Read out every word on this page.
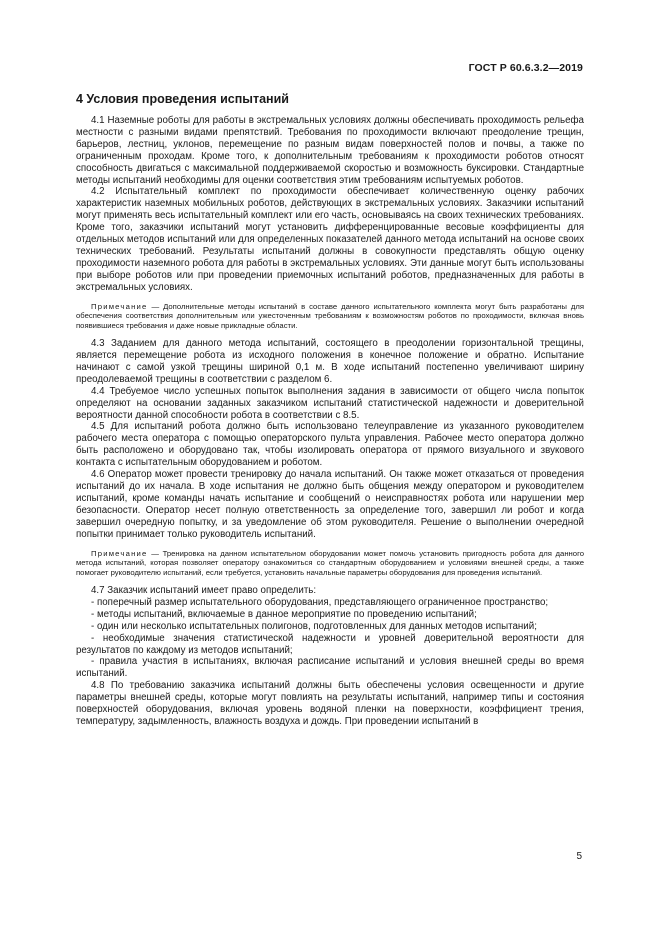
ГОСТ Р 60.6.3.2—2019
4 Условия проведения испытаний

4.1 Наземные роботы для работы в экстремальных условиях должны обеспечивать проходимость рельефа местности с разными видами препятствий. Требования по проходимости включают преодоление трещин, барьеров, лестниц, уклонов, перемещение по разным видам поверхностей полов и почвы, а также по ограниченным проходам. Кроме того, к дополнительным требованиям к проходимости роботов относят способность двигаться с максимальной поддерживаемой скоростью и возможность буксировки. Стандартные методы испытаний необходимы для оценки соответствия этим требованиям испытуемых роботов.

4.2 Испытательный комплект по проходимости обеспечивает количественную оценку рабочих характеристик наземных мобильных роботов, действующих в экстремальных условиях. Заказчики испытаний могут применять весь испытательный комплект или его часть, основываясь на своих технических требованиях. Кроме того, заказчики испытаний могут установить дифференцированные весовые коэффициенты для отдельных методов испытаний или для определенных показателей данного метода испытаний на основе своих технических требований. Результаты испытаний должны в совокупности представлять общую оценку проходимости наземного робота для работы в экстремальных условиях. Эти данные могут быть использованы при выборе роботов или при проведении приемочных испытаний роботов, предназначенных для работы в экстремальных условиях.

Примечание — Дополнительные методы испытаний в составе данного испытательного комплекта могут быть разработаны для обеспечения соответствия дополнительным или ужесточенным требованиям к возможностям роботов по проходимости, включая вновь появившиеся требования и даже новые прикладные области.

4.3 Заданием для данного метода испытаний, состоящего в преодолении горизонтальной трещины, является перемещение робота из исходного положения в конечное положение и обратно. Испытание начинают с самой узкой трещины шириной 0,1 м. В ходе испытаний постепенно увеличивают ширину преодолеваемой трещины в соответствии с разделом 6.

4.4 Требуемое число успешных попыток выполнения задания в зависимости от общего числа попыток определяют на основании заданных заказчиком испытаний статистической надежности и доверительной вероятности данной способности робота в соответствии с 8.5.

4.5 Для испытаний робота должно быть использовано телеуправление из указанного руководителем рабочего места оператора с помощью операторского пульта управления. Рабочее место оператора должно быть расположено и оборудовано так, чтобы изолировать оператора от прямого визуального и звукового контакта с испытательным оборудованием и роботом.

4.6 Оператор может провести тренировку до начала испытаний. Он также может отказаться от проведения испытаний до их начала. В ходе испытания не должно быть общения между оператором и руководителем испытаний, кроме команды начать испытание и сообщений о неисправностях робота или нарушении мер безопасности. Оператор несет полную ответственность за определение того, завершил ли робот и когда завершил очередную попытку, и за уведомление об этом руководителя. Решение о выполнении очередной попытки принимает только руководитель испытаний.

Примечание — Тренировка на данном испытательном оборудовании может помочь установить пригодность робота для данного метода испытаний, которая позволяет оператору ознакомиться со стандартным оборудованием и условиями внешней среды, а также помогает руководителю испытаний, если требуется, установить начальные параметры оборудования для проведения испытаний.

4.7 Заказчик испытаний имеет право определить:

- поперечный размер испытательного оборудования, представляющего ограниченное пространство;

- методы испытаний, включаемые в данное мероприятие по проведению испытаний;

- один или несколько испытательных полигонов, подготовленных для данных методов испытаний;

- необходимые значения статистической надежности и уровней доверительной вероятности для результатов по каждому из методов испытаний;

- правила участия в испытаниях, включая расписание испытаний и условия внешней среды во время испытаний.

4.8 По требованию заказчика испытаний должны быть обеспечены условия освещенности и другие параметры внешней среды, которые могут повлиять на результаты испытаний, например типы и состояния поверхностей оборудования, включая уровень водяной пленки на поверхности, коэффициент трения, температуру, задымленность, влажность воздуха и дождь. При проведении испытаний в

5
